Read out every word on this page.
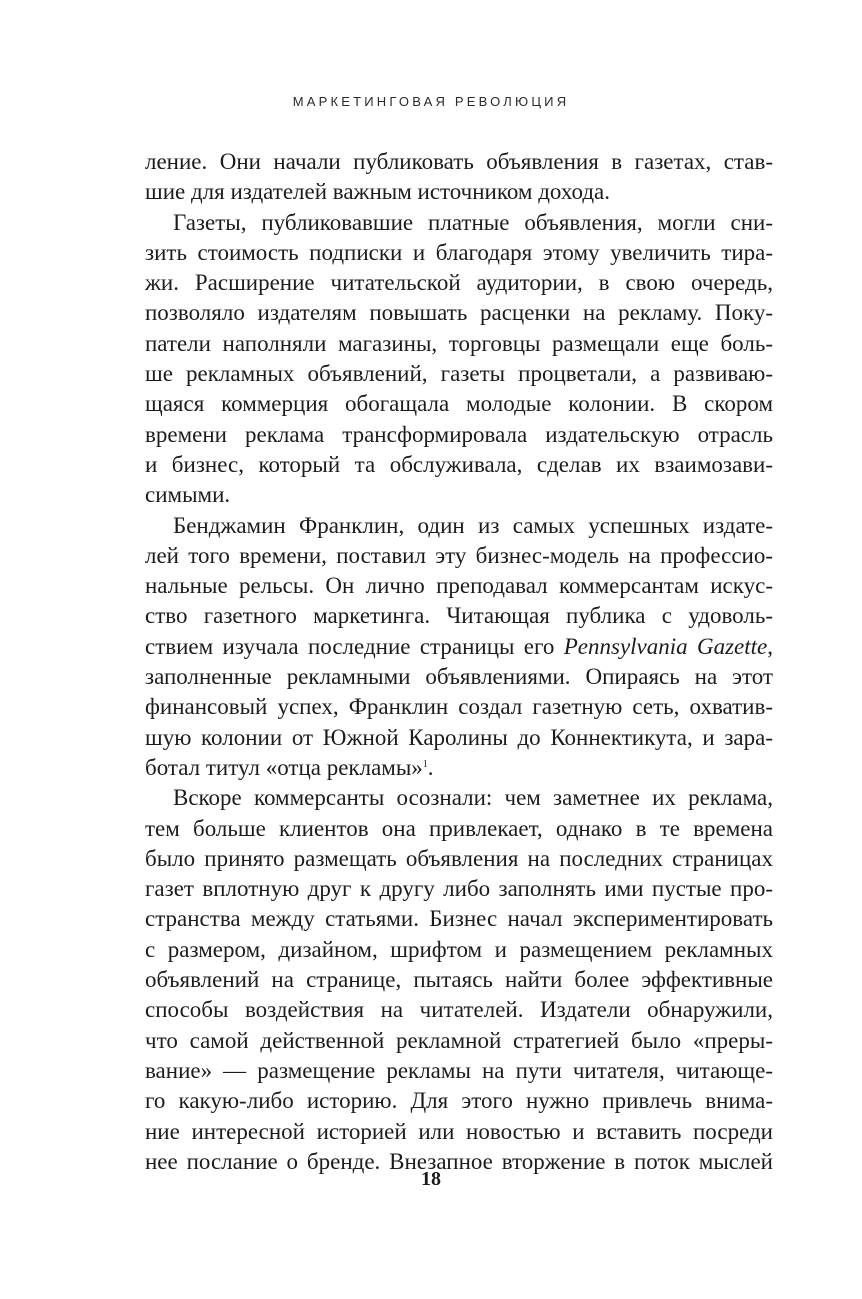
МАРКЕТИНГОВАЯ РЕВОЛЮЦИЯ
ление. Они начали публиковать объявления в газетах, став-
шие для издателей важным источником дохода.
Газеты, публиковавшие платные объявления, могли сни-
зить стоимость подписки и благодаря этому увеличить тира-
жи. Расширение читательской аудитории, в свою очередь,
позволяло издателям повышать расценки на рекламу. Поку-
патели наполняли магазины, торговцы размещали еще боль-
ше рекламных объявлений, газеты процветали, а развиваю-
щаяся коммерция обогащала молодые колонии. В скором
времени реклама трансформировала издательскую отрасль
и бизнес, который та обслуживала, сделав их взаимозави-
симыми.
Бенджамин Франклин, один из самых успешных издате-
лей того времени, поставил эту бизнес-модель на профессио-
нальные рельсы. Он лично преподавал коммерсантам искус-
ство газетного маркетинга. Читающая публика с удоволь-
ствием изучала последние страницы его Pennsylvania Gazette,
заполненные рекламными объявлениями. Опираясь на этот
финансовый успех, Франклин создал газетную сеть, охватив-
шую колонии от Южной Каролины до Коннектикута, и зара-
ботал титул «отца рекламы»$^1$.
Вскоре коммерсанты осознали: чем заметнее их реклама,
тем больше клиентов она привлекает, однако в те времена
было принято размещать объявления на последних страницах
газет вплотную друг к другу либо заполнять ими пустые про-
странства между статьями. Бизнес начал экспериментировать
с размером, дизайном, шрифтом и размещением рекламных
объявлений на странице, пытаясь найти более эффективные
способы воздействия на читателей. Издатели обнаружили,
что самой действенной рекламной стратегией было «преры-
вание» — размещение рекламы на пути читателя, читающе-
го какую-либо историю. Для этого нужно привлечь внима-
ние интересной историей или новостью и вставить посреди
нее послание о бренде. Внезапное вторжение в поток мыслей
18
